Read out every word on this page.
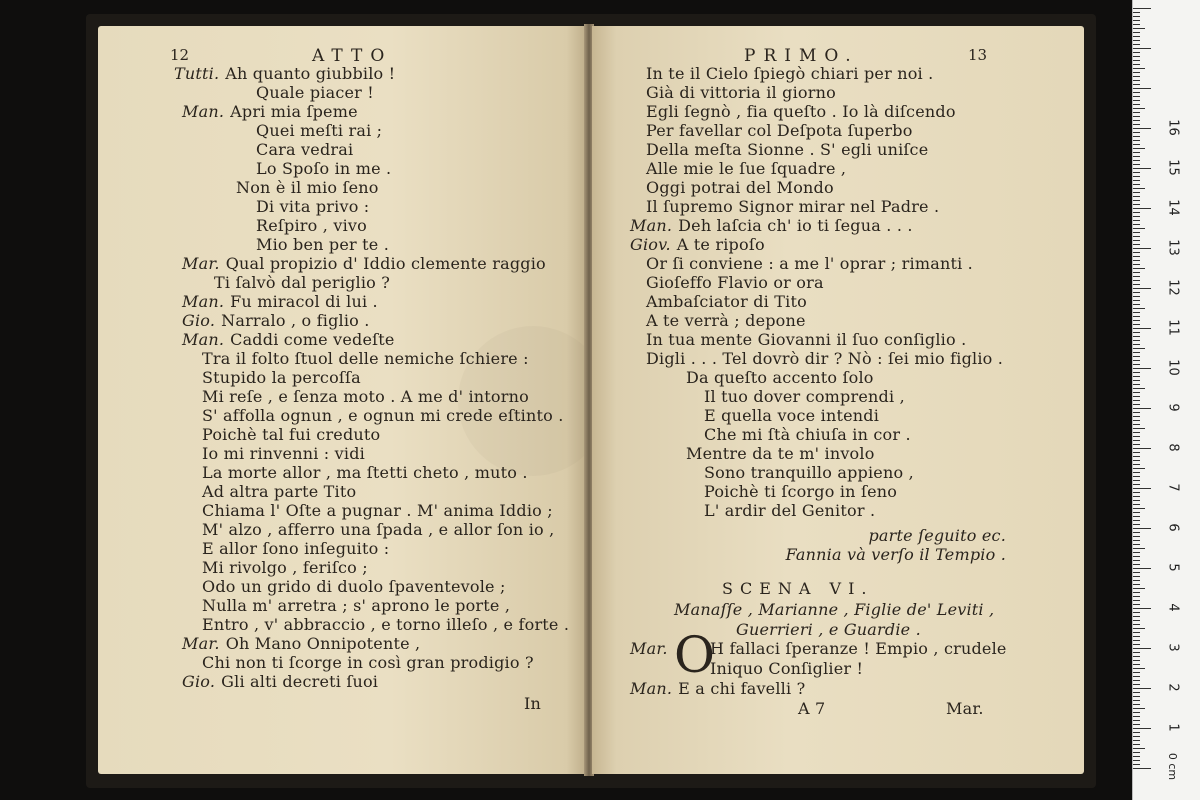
12	ATTO
Tutti. Ah quanto giubbilo !
Quale piacer !
Man. Apri mia ſpeme
Quei meſti rai ;
Cara vedrai
Lo Spoſo in me .
Non è il mio ſeno
Di vita privo :
Reſpiro , vivo
Mio ben per te .
Mar. Qual propizio d' Iddio clemente raggio
Ti ſalvò dal periglio ?
Man. Fu miracol di lui .
Gio. Narralo , o figlio .
Man. Caddi come vedeſte
Tra il folto ſtuol delle nemiche ſchiere :
Stupido la percoſſa
Mi reſe , e ſenza moto . A me d' intorno
S' affolla ognun , e ognun mi crede eſtinto .
Poichè tal fui creduto
Io mi rinvenni : vidi
La morte allor , ma ſtetti cheto , muto .
Ad altra parte Tito
Chiama l' Oſte a pugnar . M' anima Iddio ;
M' alzo , afferro una ſpada , e allor ſon io ,
E allor ſono inſeguito :
Mi rivolgo , feriſco ;
Odo un grido di duolo ſpaventevole ;
Nulla m' arretra ; s' aprono le porte ,
Entro , v' abbraccio , e torno illeſo , e forte .
Mar. Oh Mano Onnipotente ,
Chi non ti ſcorge in così gran prodigio ?
Gio. Gli alti decreti ſuoi
In
PRIMO.	13
In te il Cielo ſpiegò chiari per noi .
Già di vittoria il giorno
Egli ſegnò , fia queſto . Io là diſcendo
Per favellar col Deſpota ſuperbo
Della meſta Sionne . S' egli uniſce
Alle mie le ſue ſquadre ,
Oggi potrai del Mondo
Il ſupremo Signor mirar nel Padre .
Man. Deh laſcia ch' io ti ſegua . . .
Giov. A te ripoſo
Or ſi conviene : a me l' oprar ; rimanti .
Gioſeffo Flavio or ora
Ambaſciator di Tito
A te verrà ; depone
In tua mente Giovanni il ſuo conſiglio .
Digli . . . Tel dovrò dir ? Nò : ſei mio figlio .
Da queſto accento ſolo
Il tuo dover comprendi ,
E quella voce intendi
Che mi ſtà chiuſa in cor .
Mentre da te m' involo
Sono tranquillo appieno ,
Poichè ti ſcorgo in ſeno
L' ardir del Genitor .
parte ſeguito ec.
Fannia và verſo il Tempio .
SCENA VI.
Manaſſe , Marianne , Figlie de' Leviti ,
Guerrieri , e Guardie .
Mar. O
H fallaci ſperanze ! Empio , crudele
Iniquo Conſiglier !
Man. E a chi favelli ?
A 7	Mar.
0 cm
1
2
3
4
5
6
7
8
9
10
11
12
13
14
15
16
